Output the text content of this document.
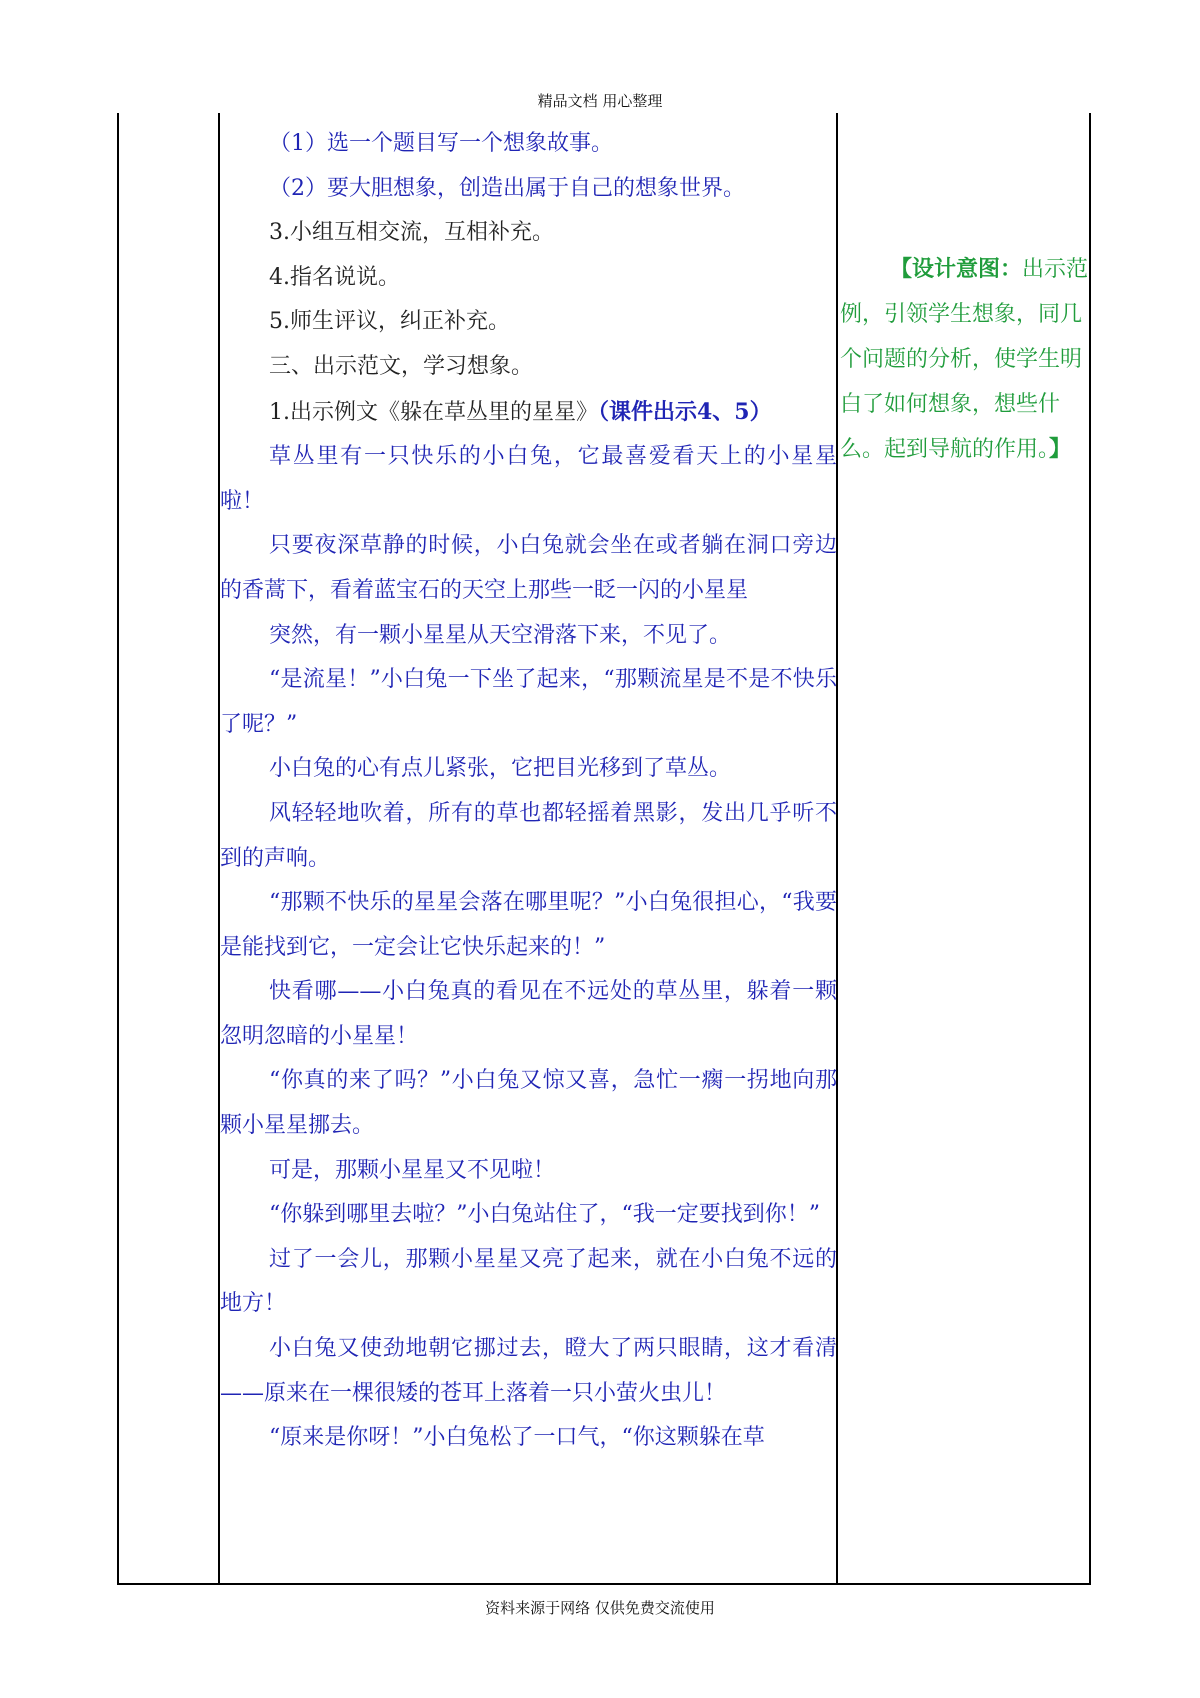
精品文档 用心整理

（1）选一个题目写一个想象故事。

（2）要大胆想象，创造出属于自己的想象世界。

3.小组互相交流，互相补充。

4.指名说说。

5.师生评议，纠正补充。

三、出示范文，学习想象。

1.出示例文《躲在草丛里的星星》（课件出示4、5）

草丛里有一只快乐的小白兔，它最喜爱看天上的小星星啦！

只要夜深草静的时候，小白兔就会坐在或者躺在洞口旁边的香蒿下，看着蓝宝石的天空上那些一眨一闪的小星星

突然，有一颗小星星从天空滑落下来，不见了。

“是流星！”小白兔一下坐了起来，“那颗流星是不是不快乐了呢？”

小白兔的心有点儿紧张，它把目光移到了草丛。

风轻轻地吹着，所有的草也都轻摇着黑影，发出几乎听不到的声响。

“那颗不快乐的星星会落在哪里呢？”小白兔很担心，“我要是能找到它，一定会让它快乐起来的！”

快看哪——小白兔真的看见在不远处的草丛里，躲着一颗忽明忽暗的小星星！

“你真的来了吗？”小白兔又惊又喜，急忙一瘸一拐地向那颗小星星挪去。

可是，那颗小星星又不见啦！

“你躲到哪里去啦？”小白兔站住了，“我一定要找到你！”

过了一会儿，那颗小星星又亮了起来，就在小白兔不远的地方！

小白兔又使劲地朝它挪过去，瞪大了两只眼睛，这才看清——原来在一棵很矮的苍耳上落着一只小萤火虫儿！

“原来是你呀！”小白兔松了一口气，“你这颗躲在草

【设计意图：出示范例，引领学生想象，同几个问题的分析，使学生明白了如何想象，想些什么。起到导航的作用。】

资料来源于网络 仅供免费交流使用
